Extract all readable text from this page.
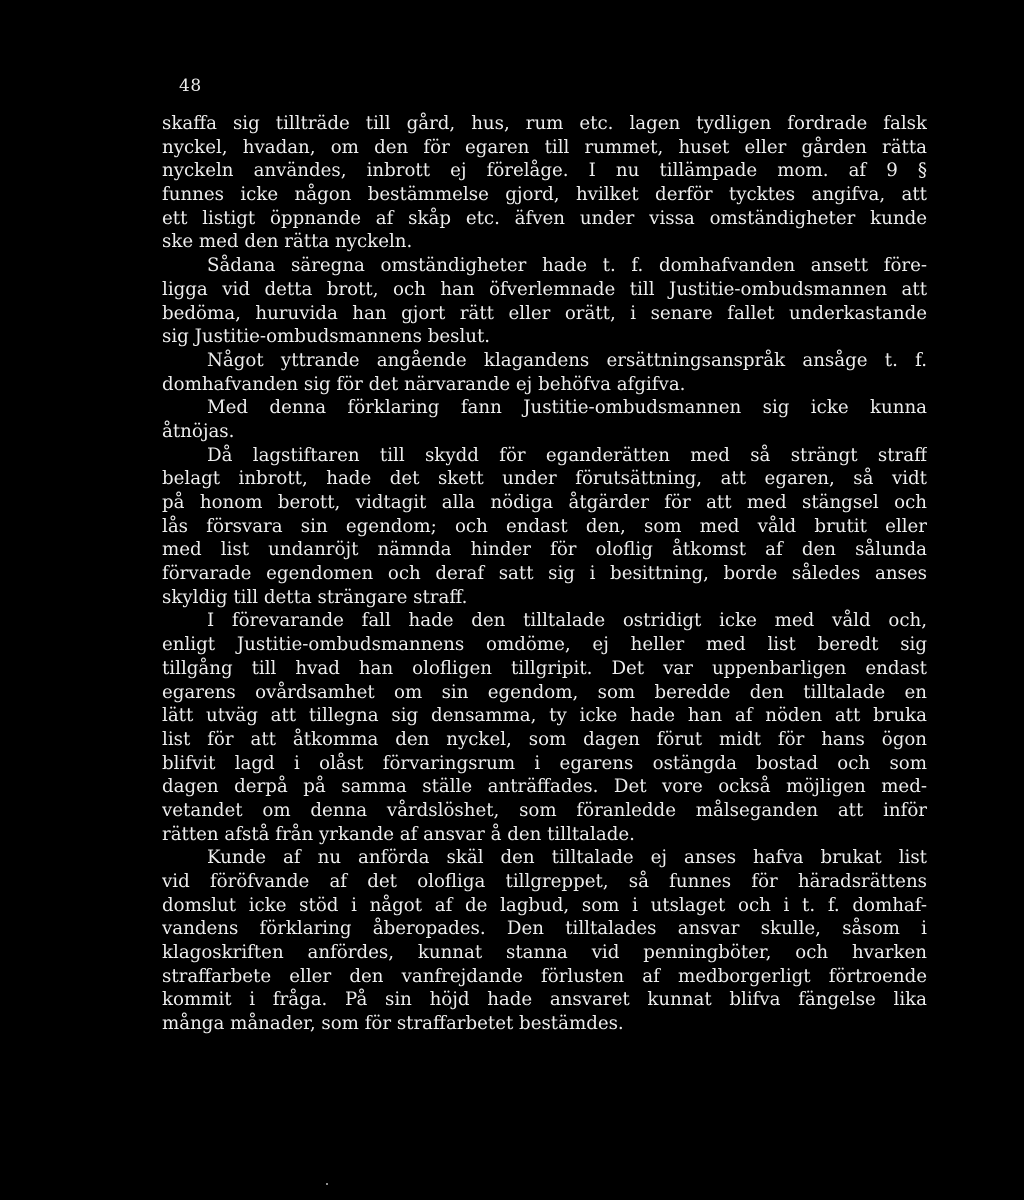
48
skaffa sig tillträde till gård, hus, rum etc. lagen tydligen fordrade falsk
nyckel, hvadan, om den för egaren till rummet, huset eller gården rätta
nyckeln användes, inbrott ej förelåge. I nu tillämpade mom. af 9 §
funnes icke någon bestämmelse gjord, hvilket derför tycktes angifva, att
ett listigt öppnande af skåp etc. äfven under vissa omständigheter kunde
ske med den rätta nyckeln.
Sådana säregna omständigheter hade t. f. domhafvanden ansett före-
ligga vid detta brott, och han öfverlemnade till Justitie-ombudsmannen att
bedöma, huruvida han gjort rätt eller orätt, i senare fallet underkastande
sig Justitie-ombudsmannens beslut.
Något yttrande angående klagandens ersättningsanspråk ansåge t. f.
domhafvanden sig för det närvarande ej behöfva afgifva.
Med denna förklaring fann Justitie-ombudsmannen sig icke kunna
åtnöjas.
Då lagstiftaren till skydd för eganderätten med så strängt straff
belagt inbrott, hade det skett under förutsättning, att egaren, så vidt
på honom berott, vidtagit alla nödiga åtgärder för att med stängsel och
lås försvara sin egendom; och endast den, som med våld brutit eller
med list undanröjt nämnda hinder för oloflig åtkomst af den sålunda
förvarade egendomen och deraf satt sig i besittning, borde således anses
skyldig till detta strängare straff.
I förevarande fall hade den tilltalade ostridigt icke med våld och,
enligt Justitie-ombudsmannens omdöme, ej heller med list beredt sig
tillgång till hvad han olofligen tillgripit. Det var uppenbarligen endast
egarens ovårdsamhet om sin egendom, som beredde den tilltalade en
lätt utväg att tillegna sig densamma, ty icke hade han af nöden att bruka
list för att åtkomma den nyckel, som dagen förut midt för hans ögon
blifvit lagd i olåst förvaringsrum i egarens ostängda bostad och som
dagen derpå på samma ställe anträffades. Det vore också möjligen med-
vetandet om denna vårdslöshet, som föranledde målseganden att inför
rätten afstå från yrkande af ansvar å den tilltalade.
Kunde af nu anförda skäl den tilltalade ej anses hafva brukat list
vid föröfvande af det olofliga tillgreppet, så funnes för häradsrättens
domslut icke stöd i något af de lagbud, som i utslaget och i t. f. domhaf-
vandens förklaring åberopades. Den tilltalades ansvar skulle, såsom i
klagoskriften anfördes, kunnat stanna vid penningböter, och hvarken
straffarbete eller den vanfrejdande förlusten af medborgerligt förtroende
kommit i fråga. På sin höjd hade ansvaret kunnat blifva fängelse lika
många månader, som för straffarbetet bestämdes.
